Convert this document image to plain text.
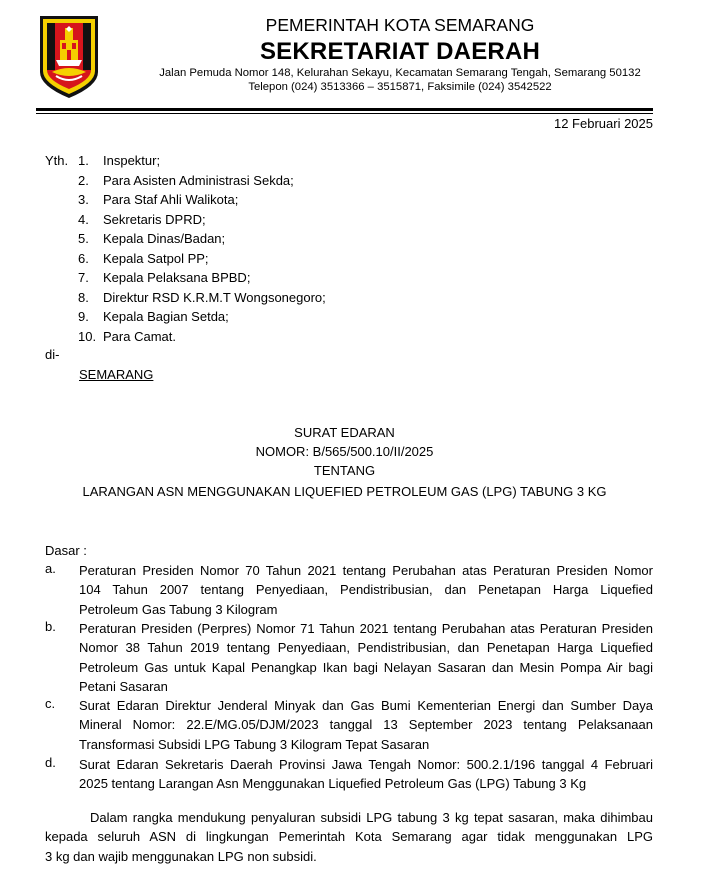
PEMERINTAH KOTA SEMARANG
SEKRETARIAT DAERAH
Jalan Pemuda Nomor 148, Kelurahan Sekayu, Kecamatan Semarang Tengah, Semarang 50132
Telepon (024) 3513366 – 3515871, Faksimile (024) 3542522
12 Februari 2025
Yth. 1. Inspektur;
2. Para Asisten Administrasi Sekda;
3. Para Staf Ahli Walikota;
4. Sekretaris DPRD;
5. Kepala Dinas/Badan;
6. Kepala Satpol PP;
7. Kepala Pelaksana BPBD;
8. Direktur RSD K.R.M.T Wongsonegoro;
9. Kepala Bagian Setda;
10. Para Camat.
di-
SEMARANG
SURAT EDARAN
NOMOR: B/565/500.10/II/2025
TENTANG
LARANGAN ASN MENGGUNAKAN LIQUEFIED PETROLEUM GAS (LPG) TABUNG 3 KG
Dasar :
a. Peraturan Presiden Nomor 70 Tahun 2021 tentang Perubahan atas Peraturan Presiden Nomor
104 Tahun 2007 tentang Penyediaan, Pendistribusian, dan Penetapan Harga Liquefied
Petroleum Gas Tabung 3 Kilogram
b. Peraturan Presiden (Perpres) Nomor 71 Tahun 2021 tentang Perubahan atas Peraturan Presiden
Nomor 38 Tahun 2019 tentang Penyediaan, Pendistribusian, dan Penetapan Harga Liquefied
Petroleum Gas untuk Kapal Penangkap Ikan bagi Nelayan Sasaran dan Mesin Pompa Air bagi
Petani Sasaran
c. Surat Edaran Direktur Jenderal Minyak dan Gas Bumi Kementerian Energi dan Sumber Daya
Mineral Nomor: 22.E/MG.05/DJM/2023 tanggal 13 September 2023 tentang Pelaksanaan
Transformasi Subsidi LPG Tabung 3 Kilogram Tepat Sasaran
d. Surat Edaran Sekretaris Daerah Provinsi Jawa Tengah Nomor: 500.2.1/196 tanggal 4 Februari
2025 tentang Larangan Asn Menggunakan Liquefied Petroleum Gas (LPG) Tabung 3 Kg
Dalam rangka mendukung penyaluran subsidi LPG tabung 3 kg tepat sasaran, maka dihimbau
kepada seluruh ASN di lingkungan Pemerintah Kota Semarang agar tidak menggunakan LPG
3 kg dan wajib menggunakan LPG non subsidi.
